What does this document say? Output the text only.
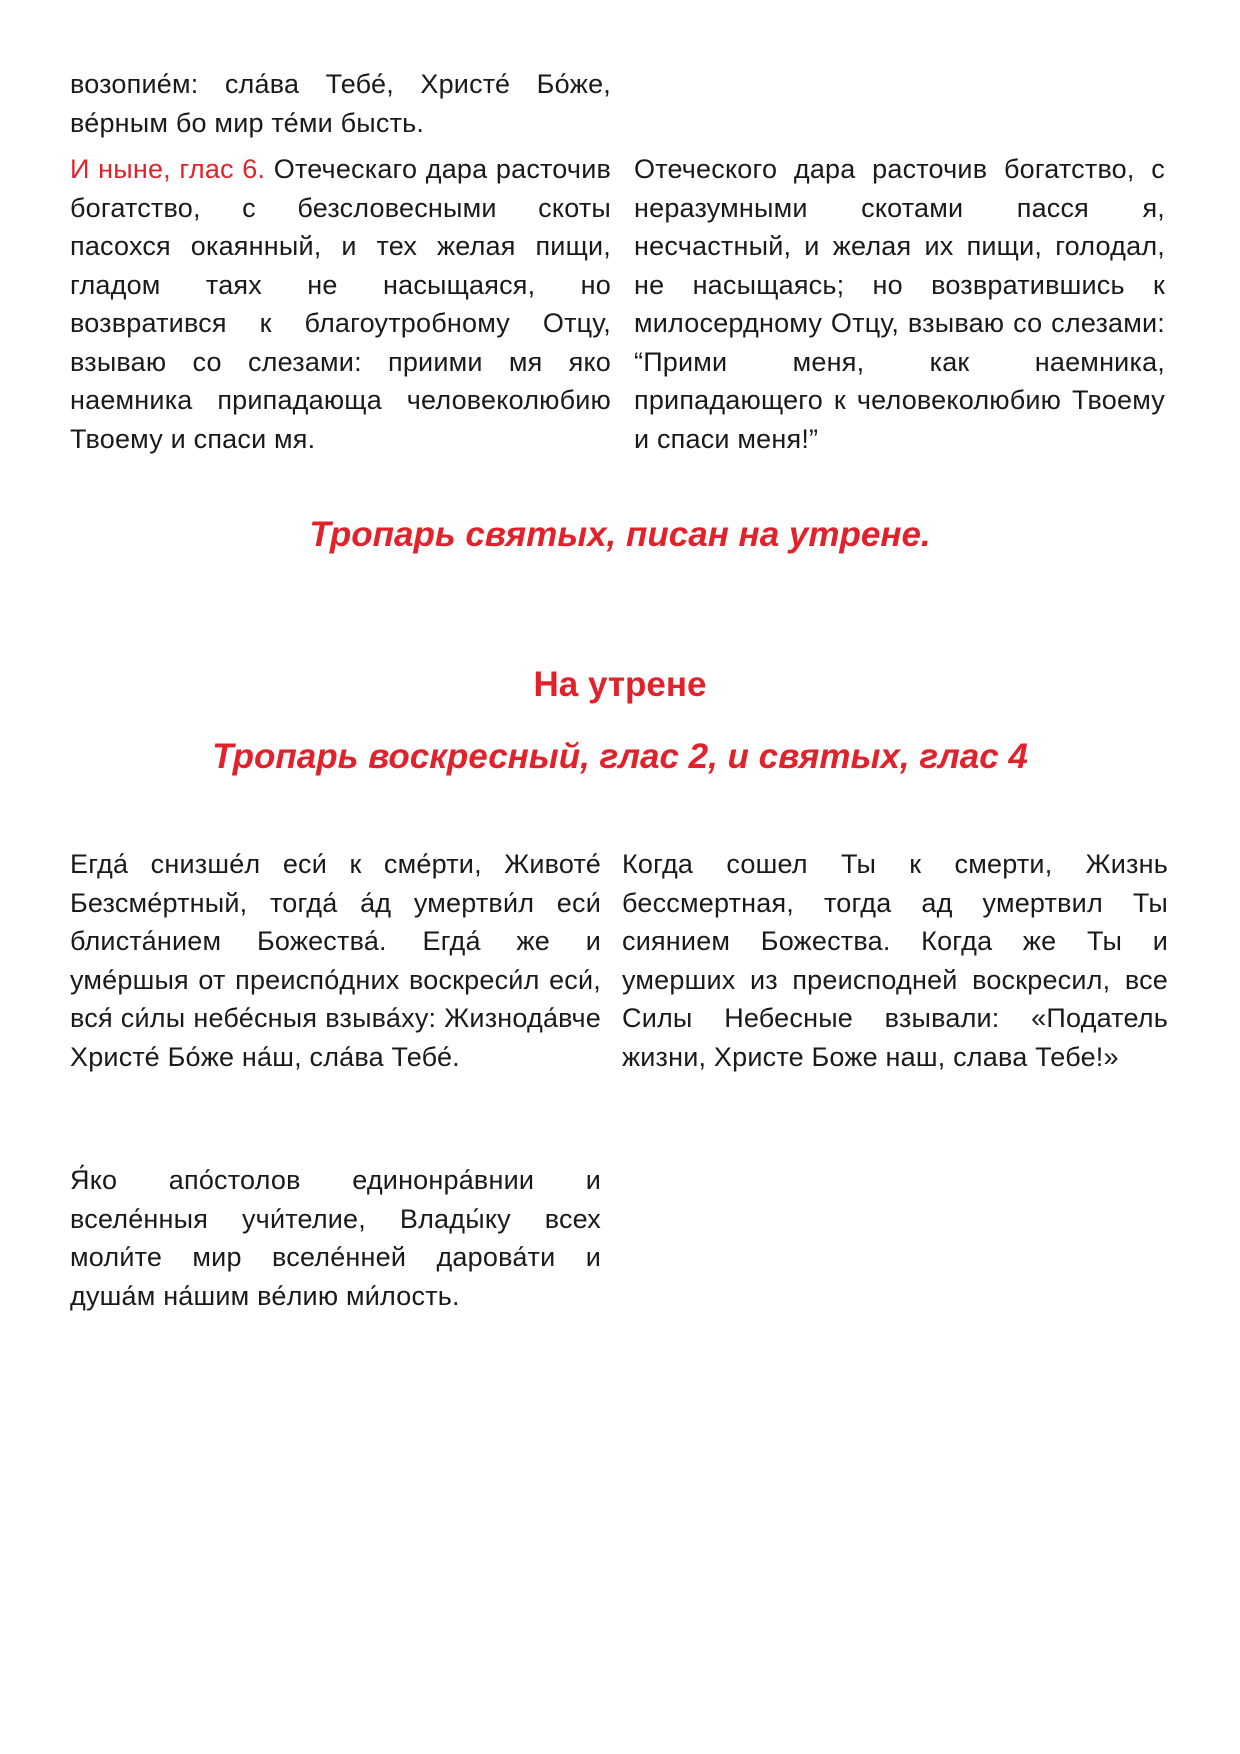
возопие́м: сла́ва Тебе́, Христе́ Бо́же, ве́рным бо мир те́ми бысть.

И ныне, глас 6. Отеческаго дара расточив богатство, с безсловесными скоты пасохся окаянный, и тех желая пищи, гладом таях не насыщаяся, но возвратився к благоутробному Отцу, взываю со слезами: приими мя яко наемника припадающа человеколюбию Твоему и спаси мя.

Отеческого дара расточив богатство, с неразумными скотами пасся я, несчастный, и желая их пищи, голодал, не насыщаясь; но возвратившись к милосердному Отцу, взываю со слезами: “Прими меня, как наемника, припадающего к человеколюбию Твоему и спаси меня!”

Тропарь святых, писан на утрене.
На утрене
Тропарь воскресный, глас 2, и святых, глас 4

Егда́ снизше́л еси́ к сме́рти, Животе́ Безсме́ртный, тогда́ а́д умертви́л еси́ блиста́нием Божества́. Егда́ же и уме́ршыя от преиспо́дних воскреси́л еси́, вся́ си́лы небе́сныя взыва́ху: Жизнода́вче Христе́ Бо́же на́ш, сла́ва Тебе́.

Когда сошел Ты к смерти, Жизнь бессмертная, тогда ад умертвил Ты сиянием Божества. Когда же Ты и умерших из преисподней воскресил, все Силы Небесные взывали: «Податель жизни, Христе Боже наш, слава Тебе!»

Я́ко апо́столов единонра́внии и вселе́нныя учи́телие, Влады́ку всех моли́те мир вселе́нней дарова́ти и душа́м на́шим ве́лию ми́лость.
